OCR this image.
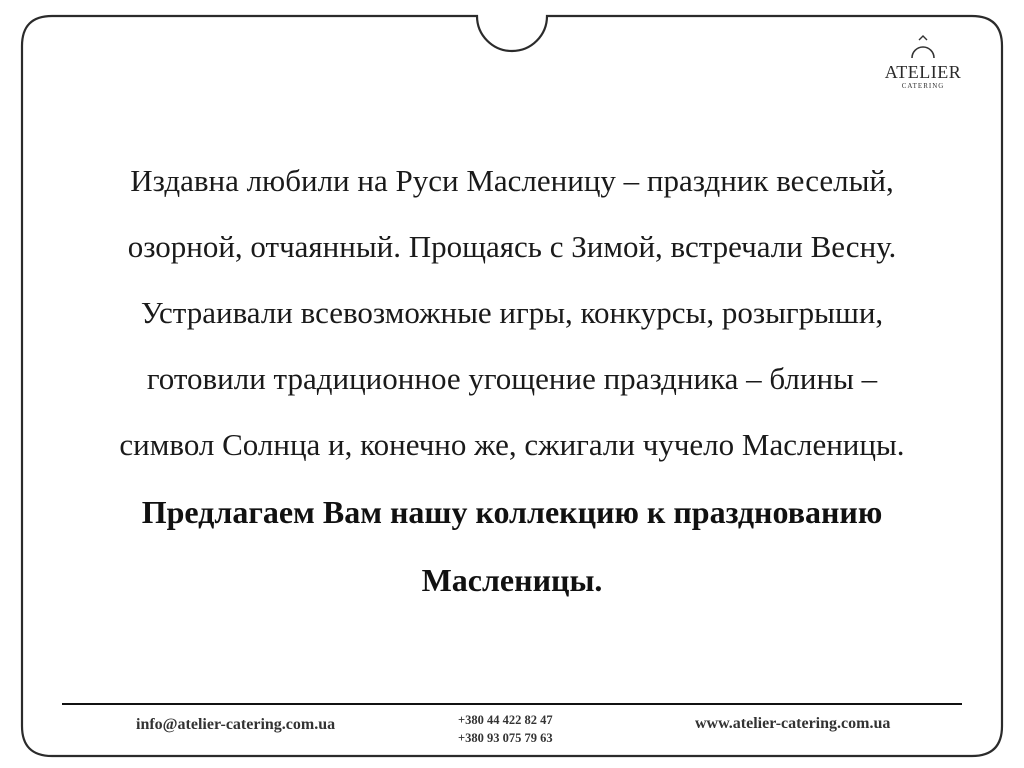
ATELIER
CATERING
Издавна любили на Руси Масленицу – праздник веселый,
озорной, отчаянный. Прощаясь с Зимой, встречали Весну.
Устраивали всевозможные игры, конкурсы, розыгрыши,
готовили традиционное угощение праздника – блины –
символ Солнца и, конечно же, сжигали чучело Масленицы.
Предлагаем Вам нашу коллекцию к празднованию
Масленицы.
info@atelier-catering.com.ua	+380 44 422 82 47
+380 93 075 79 63
www.atelier-catering.com.ua
